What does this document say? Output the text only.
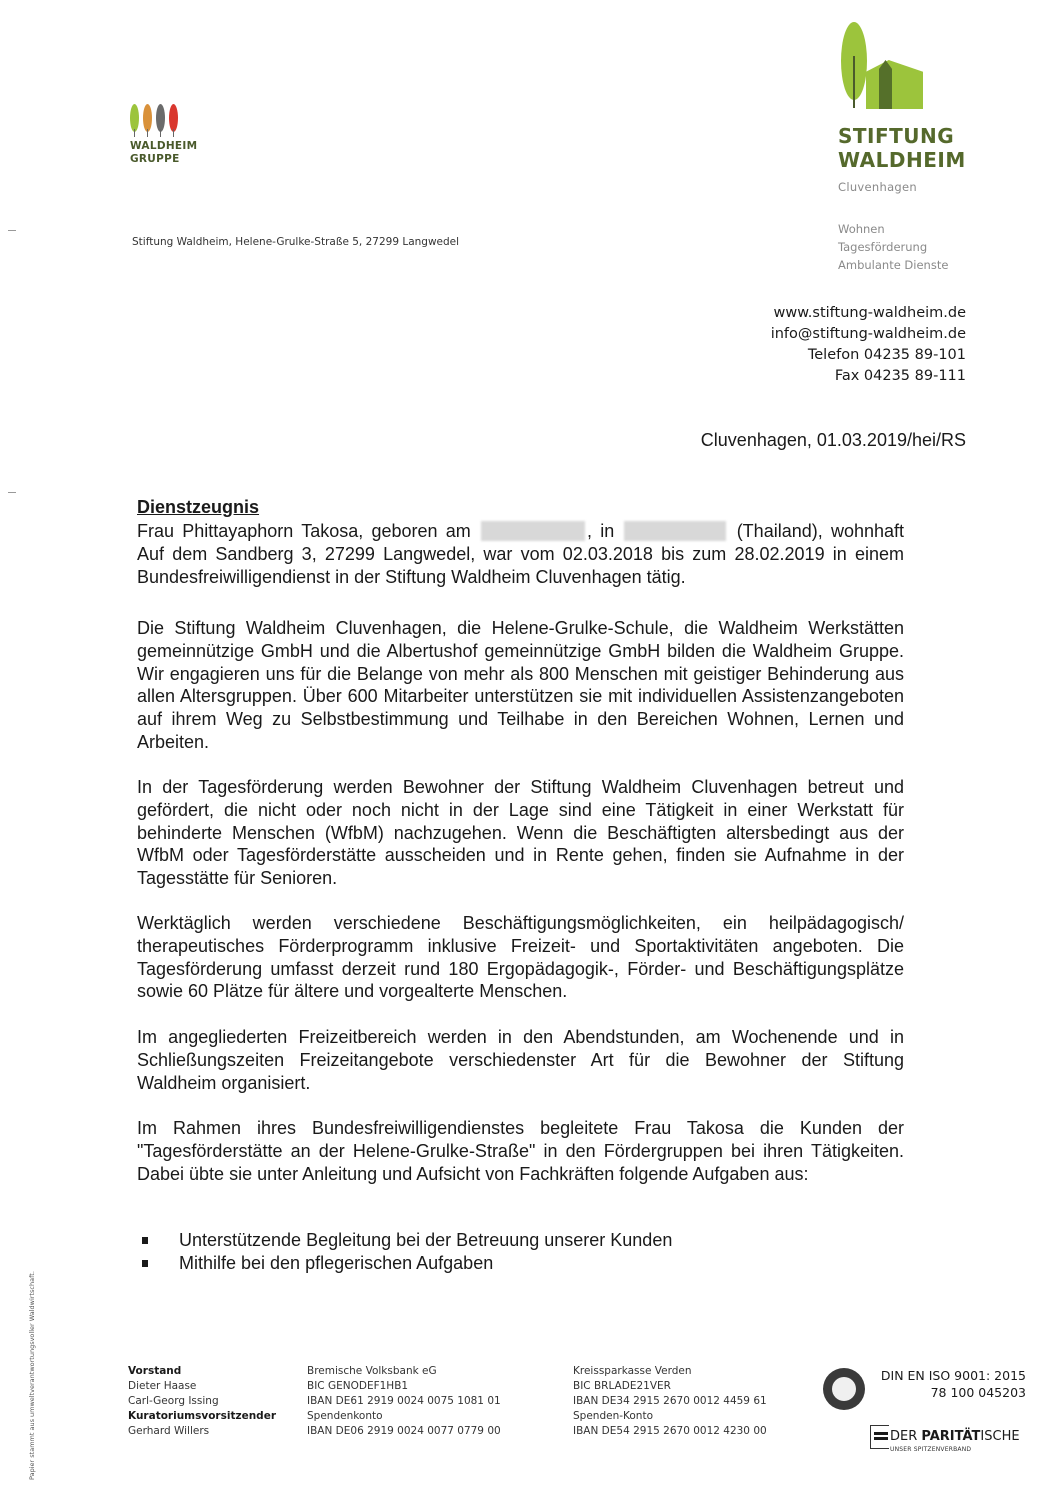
WALDHEIM
GRUPPE
STIFTUNG
WALDHEIM
Cluvenhagen
Stiftung Waldheim, Helene-Grulke-Straße 5, 27299 Langwedel
Wohnen
Tagesförderung
Ambulante Dienste
www.stiftung-waldheim.de
info@stiftung-waldheim.de
Telefon 04235 89-101
Fax 04235 89-111
Cluvenhagen, 01.03.2019/hei/RS
Dienstzeugnis

Frau Phittayaphorn Takosa, geboren am	, in	(Thailand), wohnhaft Auf dem Sandberg 3, 27299 Langwedel, war vom 02.03.2018 bis zum 28.02.2019 in einem Bundesfreiwilligendienst in der Stiftung Waldheim Cluvenhagen tätig.

Die Stiftung Waldheim Cluvenhagen, die Helene-Grulke-Schule, die Waldheim Werkstätten gemeinnützige GmbH und die Albertushof gemeinnützige GmbH bilden die Waldheim Gruppe. Wir engagieren uns für die Belange von mehr als 800 Menschen mit geistiger Behinderung aus allen Altersgruppen. Über 600 Mitarbeiter unterstützen sie mit individuellen Assistenzangeboten auf ihrem Weg zu Selbstbestimmung und Teilhabe in den Bereichen Wohnen, Lernen und Arbeiten.

In der Tagesförderung werden Bewohner der Stiftung Waldheim Cluvenhagen betreut und gefördert, die nicht oder noch nicht in der Lage sind eine Tätigkeit in einer Werkstatt für behinderte Menschen (WfbM) nachzugehen. Wenn die Beschäftigten altersbedingt aus der WfbM oder Tagesförderstätte ausscheiden und in Rente gehen, finden sie Aufnahme in der Tagesstätte für Senioren.

Werktäglich werden verschiedene Beschäftigungsmöglichkeiten, ein heilpädagogisch/ therapeutisches Förderprogramm inklusive Freizeit- und Sportaktivitäten angeboten. Die Tagesförderung umfasst derzeit rund 180 Ergopädagogik-, Förder- und Beschäftigungsplätze sowie 60 Plätze für ältere und vorgealterte Menschen.

Im angegliederten Freizeitbereich werden in den Abendstunden, am Wochenende und in Schließungszeiten Freizeitangebote verschiedenster Art für die Bewohner der Stiftung Waldheim organisiert.

Im Rahmen ihres Bundesfreiwilligendienstes begleitete Frau Takosa die Kunden der "Tagesförderstätte an der Helene-Grulke-Straße" in den Fördergruppen bei ihren Tätigkeiten. Dabei übte sie unter Anleitung und Aufsicht von Fachkräften folgende Aufgaben aus:

Unterstützende Begleitung bei der Betreuung unserer Kunden
Mithilfe bei den pflegerischen Aufgaben
Vorstand
Dieter Haase
Carl-Georg Issing
Kuratoriumsvorsitzender
Gerhard Willers
Bremische Volksbank eG
BIC GENODEF1HB1
IBAN DE61 2919 0024 0075 1081 01
Spendenkonto
IBAN DE06 2919 0024 0077 0779 00
Kreissparkasse Verden
BIC BRLADE21VER
IBAN DE34 2915 2670 0012 4459 61
Spenden-Konto
IBAN DE54 2915 2670 0012 4230 00
DIN EN ISO 9001: 2015
78 100 045203
DER PARITÄTISCHE
UNSER SPITZENVERBAND
Papier stammt aus umweltverantwortungsvoller Waldwirtschaft.
